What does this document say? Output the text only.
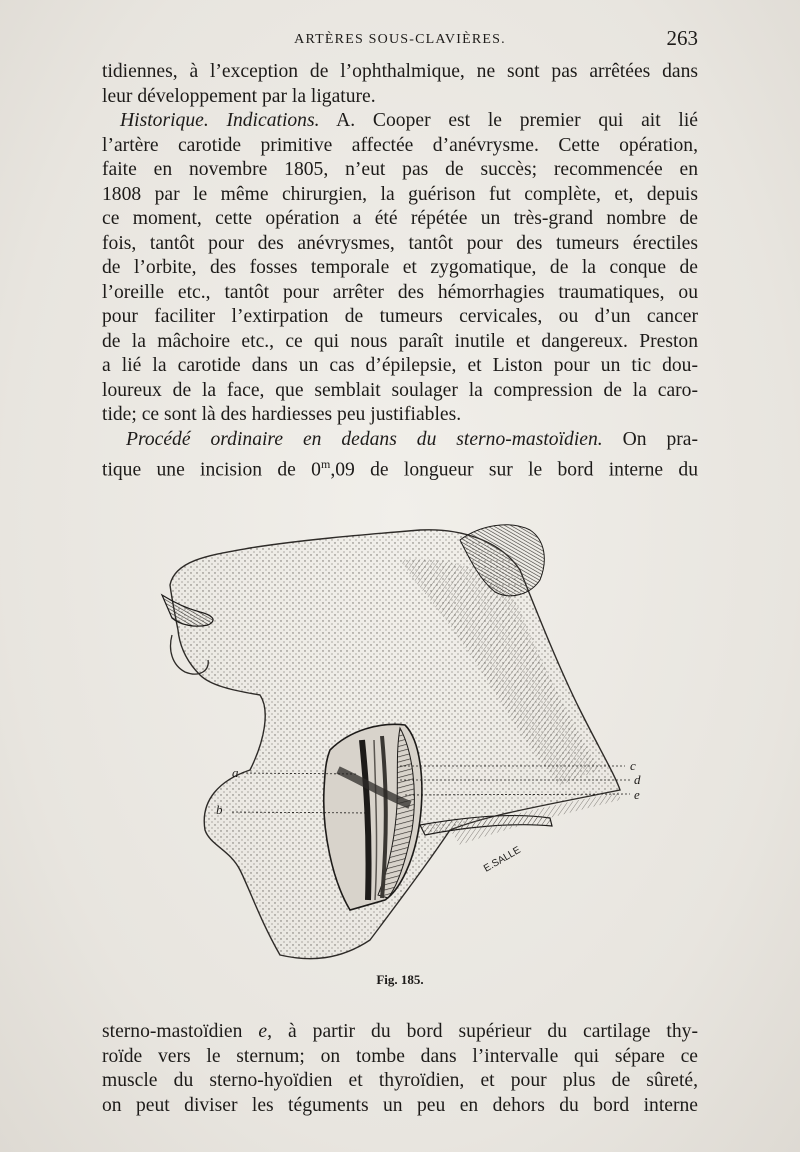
ARTÈRES SOUS-CLAVIÈRES.	263
tidiennes, à l’exception de l’ophthalmique, ne sont pas arrêtées dans
leur développement par la ligature.
Historique. Indications. A. Cooper est le premier qui ait lié
l’artère carotide primitive affectée d’anévrysme. Cette opération,
faite en novembre 1805, n’eut pas de succès; recommencée en
1808 par le même chirurgien, la guérison fut complète, et, depuis
ce moment, cette opération a été répétée un très-grand nombre de
fois, tantôt pour des anévrysmes, tantôt pour des tumeurs érectiles
de l’orbite, des fosses temporale et zygomatique, de la conque de
l’oreille etc., tantôt pour arrêter des hémorrhagies traumatiques, ou
pour faciliter l’extirpation de tumeurs cervicales, ou d’un cancer
de la mâchoire etc., ce qui nous paraît inutile et dangereux. Preston
a lié la carotide dans un cas d’épilepsie, et Liston pour un tic dou-
loureux de la face, que semblait soulager la compression de la caro-
tide; ce sont là des hardiesses peu justifiables.
Procédé ordinaire en dedans du sterno-mastoïdien. On pra-
tique une incision de 0$^m$,09 de longueur sur le bord interne du
a
b
c
d
e
E.SALLE
Fig. 185.
sterno-mastoïdien e, à partir du bord supérieur du cartilage thy-
roïde vers le sternum; on tombe dans l’intervalle qui sépare ce
muscle du sterno-hyoïdien et thyroïdien, et pour plus de sûreté,
on peut diviser les téguments un peu en dehors du bord interne
